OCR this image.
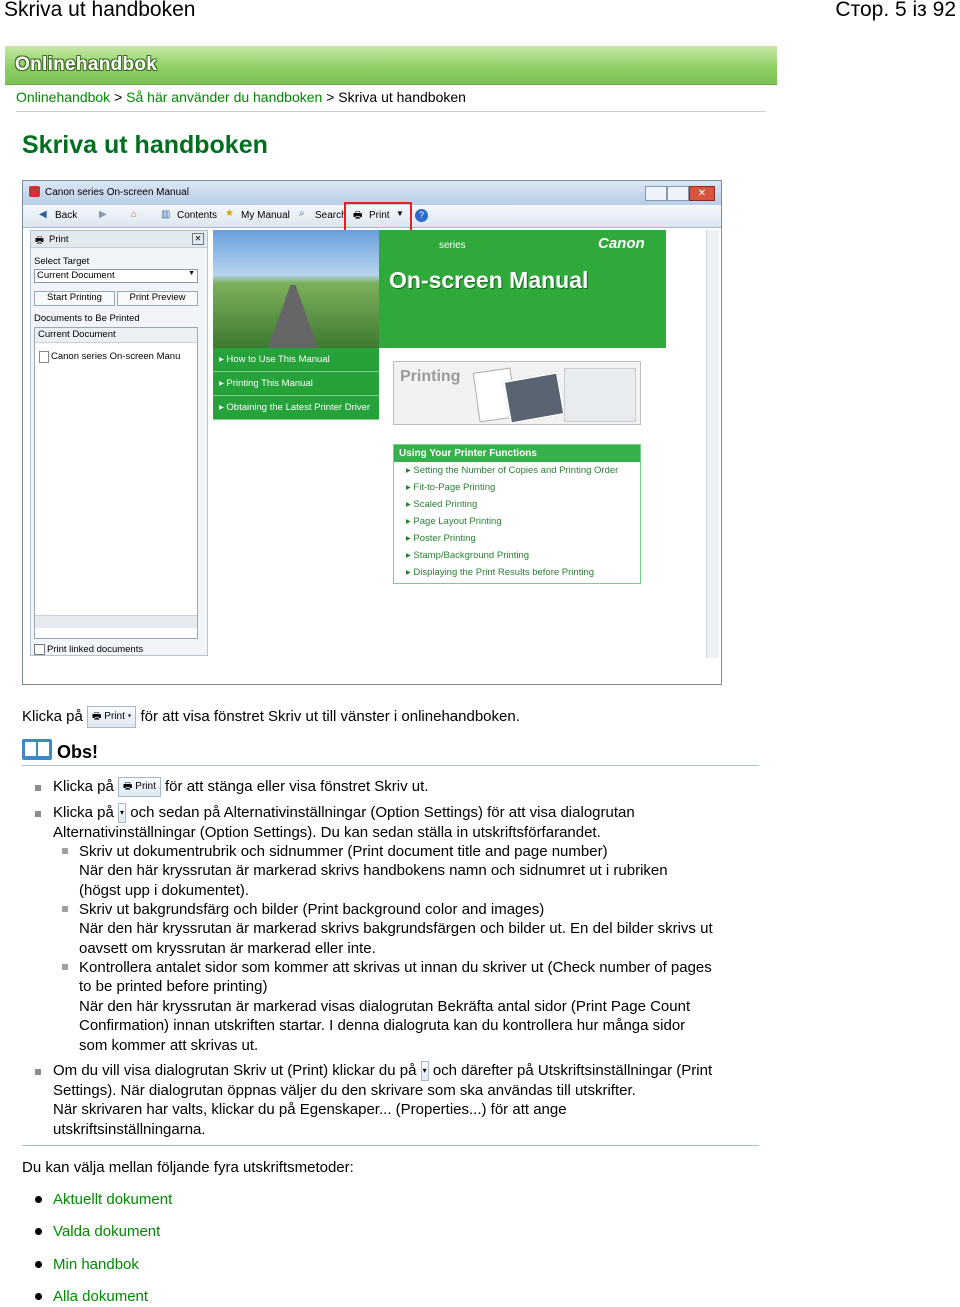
Skriva ut handboken	Стор. 5 із 92
Onlinehandbok
Onlinehandbok > Så här använder du handboken > Skriva ut handboken
Skriva ut handboken
Canon series On-screen Manual	✕
◀ Back ▶ ⌂ ▥ Contents ★ My Manual ⌕ Search 🖶 Print ▼	?
🖶 Print	✕
Select Target
Current Document	▼
Start Printing	Print Preview
Documents to Be Printed
Current Document
Canon series On-screen Manu
Print linked documents
series	Canon
On-screen Manual
▸ How to Use This Manual
▸ Printing This Manual
▸ Obtaining the Latest Printer Driver
Printing
Using Your Printer Functions
▸ Setting the Number of Copies and Printing Order
▸ Fit-to-Page Printing
▸ Scaled Printing
▸ Page Layout Printing
▸ Poster Printing
▸ Stamp/Background Printing
▸ Displaying the Print Results before Printing
Klicka på 🖶 Print ▾ för att visa fönstret Skriv ut till vänster i onlinehandboken.
Obs!
Klicka på 🖶 Print för att stänga eller visa fönstret Skriv ut.
Klicka på ▾ och sedan på Alternativinställningar (Option Settings) för att visa dialogrutan
Alternativinställningar (Option Settings). Du kan sedan ställa in utskriftsförfarandet.
Skriv ut dokumentrubrik och sidnummer (Print document title and page number)
När den här kryssrutan är markerad skrivs handbokens namn och sidnumret ut i rubriken
(högst upp i dokumentet).
Skriv ut bakgrundsfärg och bilder (Print background color and images)
När den här kryssrutan är markerad skrivs bakgrundsfärgen och bilder ut. En del bilder skrivs ut
oavsett om kryssrutan är markerad eller inte.
Kontrollera antalet sidor som kommer att skrivas ut innan du skriver ut (Check number of pages
to be printed before printing)
När den här kryssrutan är markerad visas dialogrutan Bekräfta antal sidor (Print Page Count
Confirmation) innan utskriften startar. I denna dialogruta kan du kontrollera hur många sidor
som kommer att skrivas ut.
Om du vill visa dialogrutan Skriv ut (Print) klickar du på ▾ och därefter på Utskriftsinställningar (Print
Settings). När dialogrutan öppnas väljer du den skrivare som ska användas till utskrifter.
När skrivaren har valts, klickar du på Egenskaper... (Properties...) för att ange
utskriftsinställningarna.
Du kan välja mellan följande fyra utskriftsmetoder:
Aktuellt dokument
Valda dokument
Min handbok
Alla dokument
